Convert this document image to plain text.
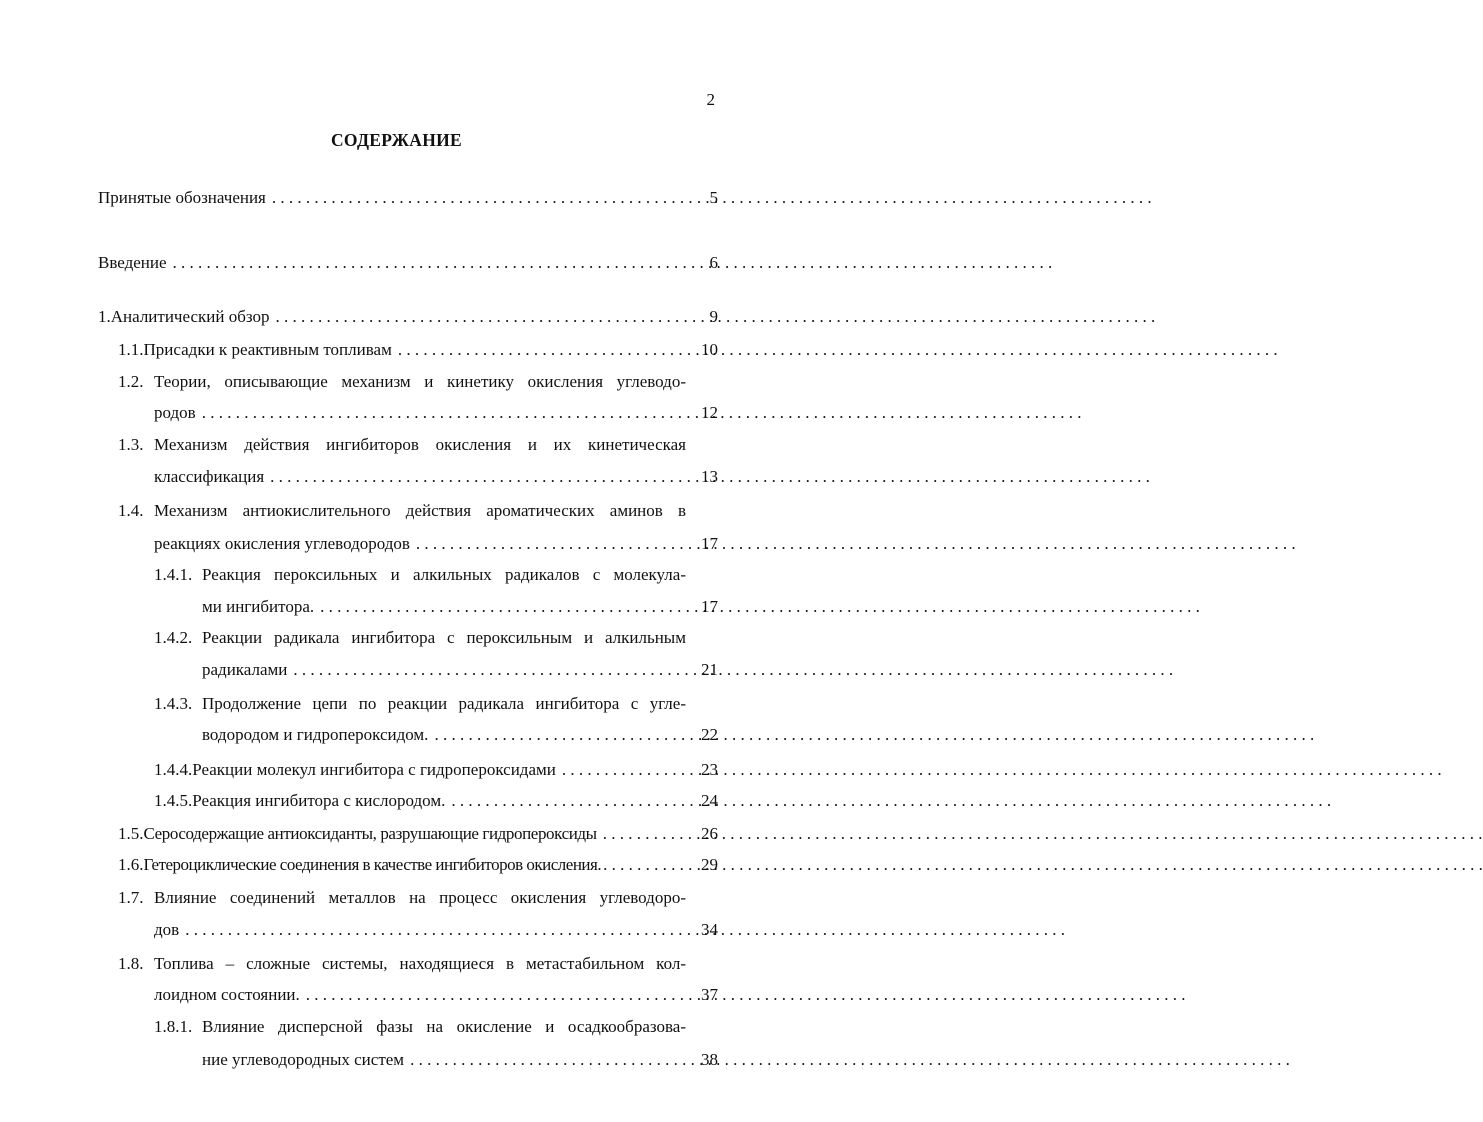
2
СОДЕРЖАНИЕ
Принятые обозначения . . .	5
Введение . . .	6
1. Аналитический обзор . . .	9
1.1. Присадки к реактивным топливам . . .	10
1.2. Теории, описывающие механизм и кинетику окисления углеводо-
родов . . .	12
1.3. Механизм действия ингибиторов окисления и их кинетическая
классификация . . .	13
1.4. Механизм антиокислительного действия ароматических аминов в
реакциях окисления углеводородов . . .	17
1.4.1. Реакция пероксильных и алкильных радикалов с молекула-
ми ингибитора. . . .	17
1.4.2. Реакции радикала ингибитора с пероксильным и алкильным
радикалами . . .	21
1.4.3. Продолжение цепи по реакции радикала ингибитора с угле-
водородом и гидропероксидом. . . .	22
1.4.4. Реакции молекул ингибитора с гидропероксидами . . .	23
1.4.5. Реакция ингибитора с кислородом. . . .	24
1.5. Серосодержащие антиоксиданты, разрушающие гидропероксиды . . .	26
1.6. Гетероциклические соединения в качестве ингибиторов окисления. . . .	29
1.7. Влияние соединений металлов на процесс окисления углеводоро-
дов . . .	34
1.8. Топлива – сложные системы, находящиеся в метастабильном кол-
лоидном состоянии. . . .	37
1.8.1. Влияние дисперсной фазы на окисление и осадкообразова-
ние углеводородных систем . . .	38
